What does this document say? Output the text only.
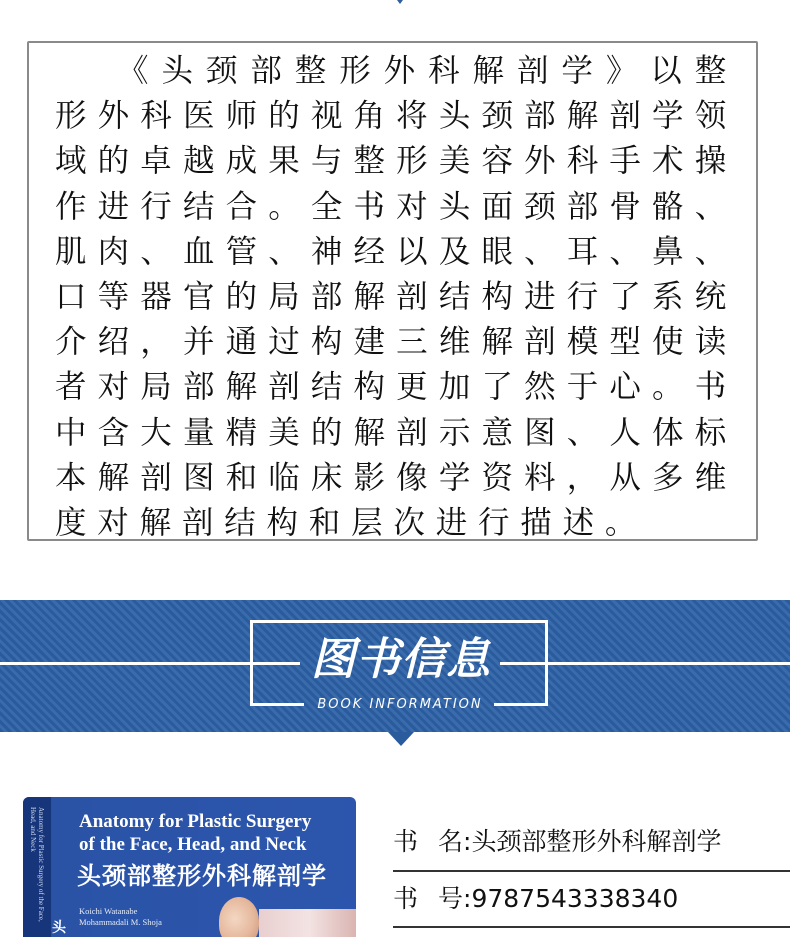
《头颈部整形外科解剖学》以整形外科医师的视角将头颈部解剖学领域的卓越成果与整形美容外科手术操作进行结合。全书对头面颈部骨骼、肌肉、血管、神经以及眼、耳、鼻、口等器官的局部解剖结构进行了系统介绍，并通过构建三维解剖模型使读者对局部解剖结构更加了然于心。书中含大量精美的解剖示意图、人体标本解剖图和临床影像学资料，从多维度对解剖结构和层次进行描述。

图书信息
BOOK INFORMATION
Anatomy for Plastic Surgery of the Face, Head, and Neck	Anatomy for Plastic Surgery
of the Face, Head, and Neck
头颈部整形外科解剖学
Koichi Watanabe
Mohammadali M. Shoja
头
书名:头颈部整形外科解剖学
书号:9787543338340
